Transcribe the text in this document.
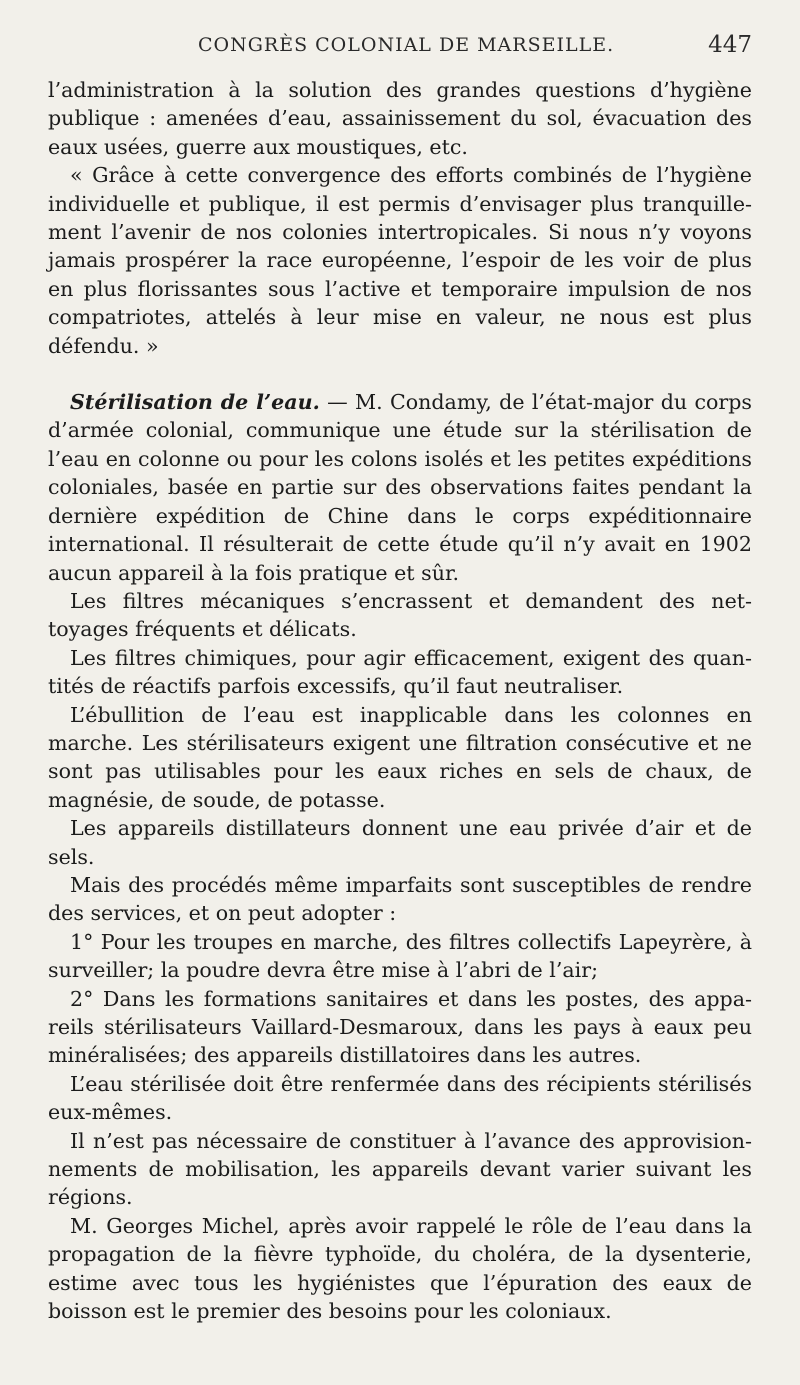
CONGRÈS COLONIAL DE MARSEILLE.	447

l’administration à la solution des grandes questions d’hygiène publique : amenées d’eau, assainissement du sol, évacuation des eaux usées, guerre aux moustiques, etc.

« Grâce à cette convergence des efforts combinés de l’hygiène individuelle et publique, il est permis d’envisager plus tranquillement l’avenir de nos colonies intertropicales. Si nous n’y voyons jamais prospérer la race européenne, l’espoir de les voir de plus en plus florissantes sous l’active et temporaire impulsion de nos compatriotes, attelés à leur mise en valeur, ne nous est plus défendu. »

Stérilisation de l’eau. — M. Condamy, de l’état-major du corps d’armée colonial, communique une étude sur la stérilisation de l’eau en colonne ou pour les colons isolés et les petites expéditions coloniales, basée en partie sur des observations faites pendant la dernière expédition de Chine dans le corps expéditionnaire international. Il résulterait de cette étude qu’il n’y avait en 1902 aucun appareil à la fois pratique et sûr.

Les filtres mécaniques s’encrassent et demandent des nettoyages fréquents et délicats.

Les filtres chimiques, pour agir efficacement, exigent des quantités de réactifs parfois excessifs, qu’il faut neutraliser.

L’ébullition de l’eau est inapplicable dans les colonnes en marche. Les stérilisateurs exigent une filtration consécutive et ne sont pas utilisables pour les eaux riches en sels de chaux, de magnésie, de soude, de potasse.

Les appareils distillateurs donnent une eau privée d’air et de sels.

Mais des procédés même imparfaits sont susceptibles de rendre des services, et on peut adopter :

1° Pour les troupes en marche, des filtres collectifs Lapeyrère, à surveiller; la poudre devra être mise à l’abri de l’air;

2° Dans les formations sanitaires et dans les postes, des appareils stérilisateurs Vaillard-Desmaroux, dans les pays à eaux peu minéralisées; des appareils distillatoires dans les autres.

L’eau stérilisée doit être renfermée dans des récipients stérilisés eux-mêmes.

Il n’est pas nécessaire de constituer à l’avance des approvisionnements de mobilisation, les appareils devant varier suivant les régions.

M. Georges Michel, après avoir rappelé le rôle de l’eau dans la propagation de la fièvre typhoïde, du choléra, de la dysenterie, estime avec tous les hygiénistes que l’épuration des eaux de boisson est le premier des besoins pour les coloniaux.
